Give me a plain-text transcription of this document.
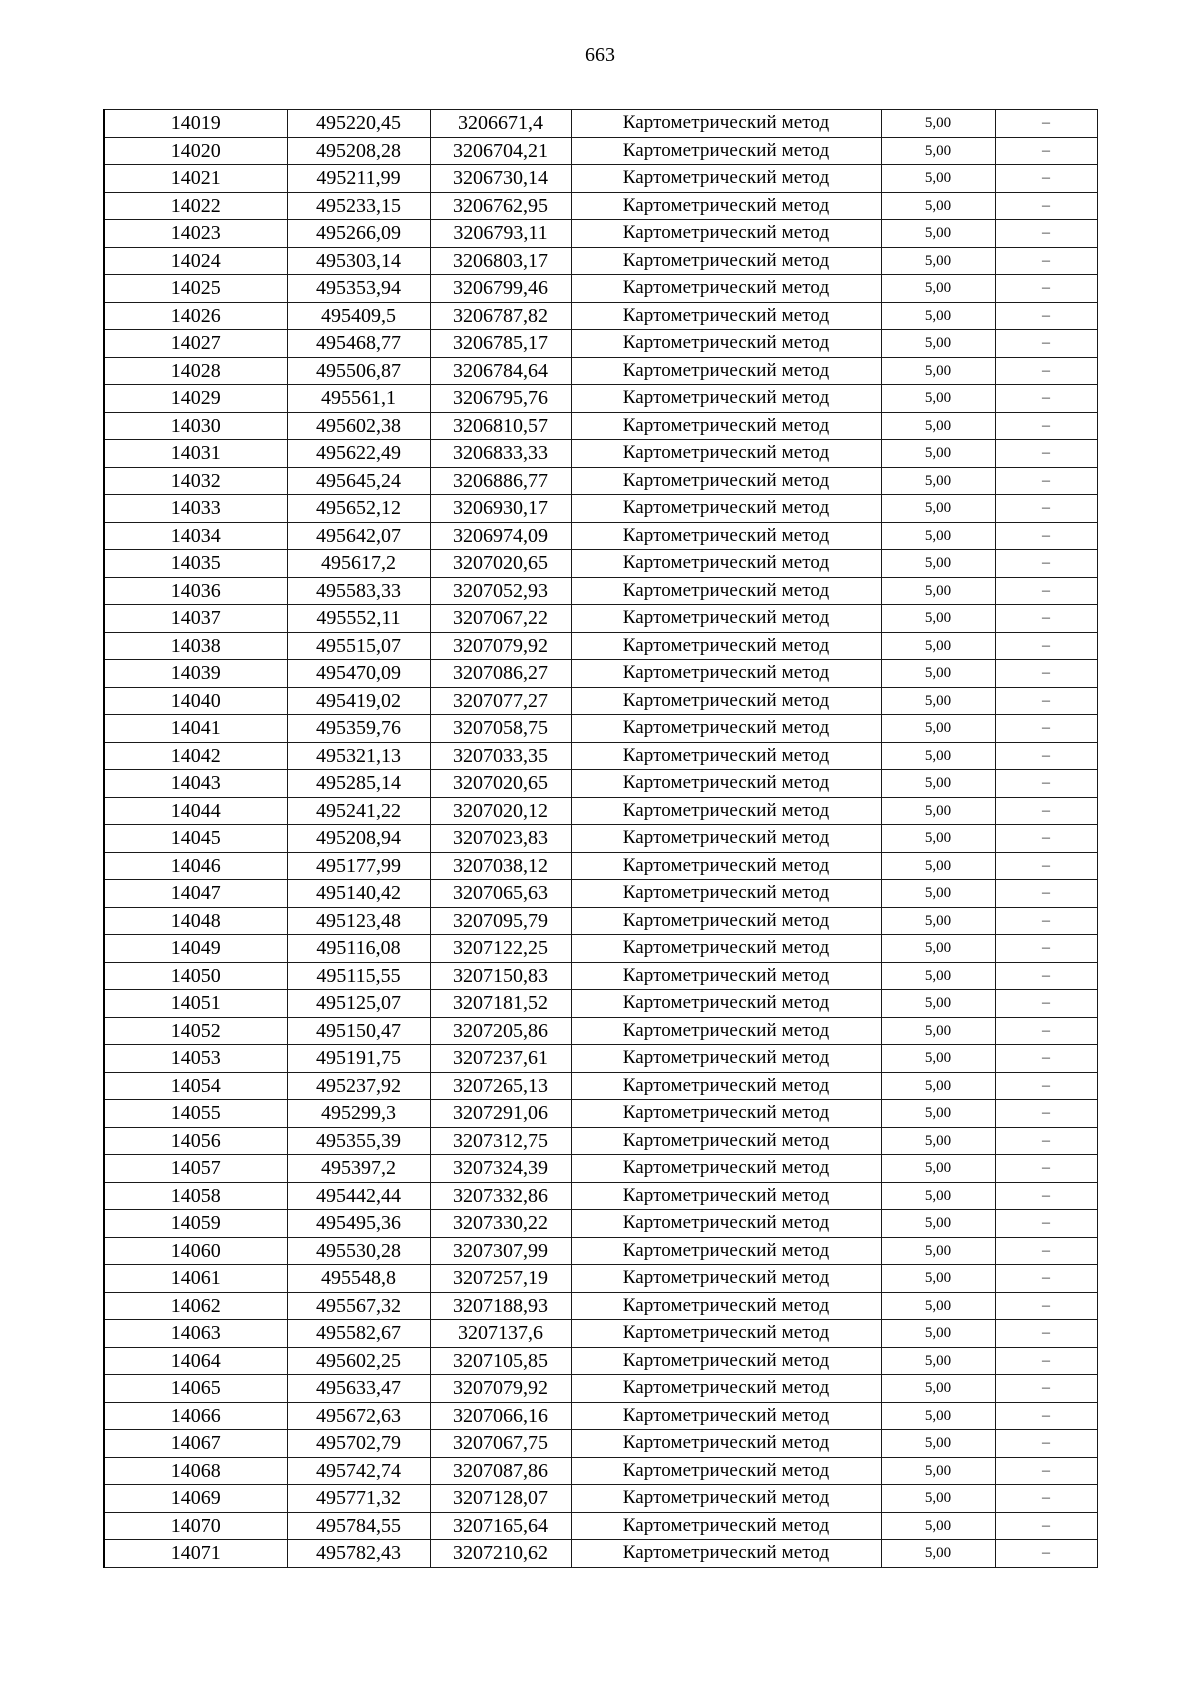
663
14019	495220,45	3206671,4	Картометрический метод	5,00	–
14020	495208,28	3206704,21	Картометрический метод	5,00	–
14021	495211,99	3206730,14	Картометрический метод	5,00	–
14022	495233,15	3206762,95	Картометрический метод	5,00	–
14023	495266,09	3206793,11	Картометрический метод	5,00	–
14024	495303,14	3206803,17	Картометрический метод	5,00	–
14025	495353,94	3206799,46	Картометрический метод	5,00	–
14026	495409,5	3206787,82	Картометрический метод	5,00	–
14027	495468,77	3206785,17	Картометрический метод	5,00	–
14028	495506,87	3206784,64	Картометрический метод	5,00	–
14029	495561,1	3206795,76	Картометрический метод	5,00	–
14030	495602,38	3206810,57	Картометрический метод	5,00	–
14031	495622,49	3206833,33	Картометрический метод	5,00	–
14032	495645,24	3206886,77	Картометрический метод	5,00	–
14033	495652,12	3206930,17	Картометрический метод	5,00	–
14034	495642,07	3206974,09	Картометрический метод	5,00	–
14035	495617,2	3207020,65	Картометрический метод	5,00	–
14036	495583,33	3207052,93	Картометрический метод	5,00	–
14037	495552,11	3207067,22	Картометрический метод	5,00	–
14038	495515,07	3207079,92	Картометрический метод	5,00	–
14039	495470,09	3207086,27	Картометрический метод	5,00	–
14040	495419,02	3207077,27	Картометрический метод	5,00	–
14041	495359,76	3207058,75	Картометрический метод	5,00	–
14042	495321,13	3207033,35	Картометрический метод	5,00	–
14043	495285,14	3207020,65	Картометрический метод	5,00	–
14044	495241,22	3207020,12	Картометрический метод	5,00	–
14045	495208,94	3207023,83	Картометрический метод	5,00	–
14046	495177,99	3207038,12	Картометрический метод	5,00	–
14047	495140,42	3207065,63	Картометрический метод	5,00	–
14048	495123,48	3207095,79	Картометрический метод	5,00	–
14049	495116,08	3207122,25	Картометрический метод	5,00	–
14050	495115,55	3207150,83	Картометрический метод	5,00	–
14051	495125,07	3207181,52	Картометрический метод	5,00	–
14052	495150,47	3207205,86	Картометрический метод	5,00	–
14053	495191,75	3207237,61	Картометрический метод	5,00	–
14054	495237,92	3207265,13	Картометрический метод	5,00	–
14055	495299,3	3207291,06	Картометрический метод	5,00	–
14056	495355,39	3207312,75	Картометрический метод	5,00	–
14057	495397,2	3207324,39	Картометрический метод	5,00	–
14058	495442,44	3207332,86	Картометрический метод	5,00	–
14059	495495,36	3207330,22	Картометрический метод	5,00	–
14060	495530,28	3207307,99	Картометрический метод	5,00	–
14061	495548,8	3207257,19	Картометрический метод	5,00	–
14062	495567,32	3207188,93	Картометрический метод	5,00	–
14063	495582,67	3207137,6	Картометрический метод	5,00	–
14064	495602,25	3207105,85	Картометрический метод	5,00	–
14065	495633,47	3207079,92	Картометрический метод	5,00	–
14066	495672,63	3207066,16	Картометрический метод	5,00	–
14067	495702,79	3207067,75	Картометрический метод	5,00	–
14068	495742,74	3207087,86	Картометрический метод	5,00	–
14069	495771,32	3207128,07	Картометрический метод	5,00	–
14070	495784,55	3207165,64	Картометрический метод	5,00	–
14071	495782,43	3207210,62	Картометрический метод	5,00	–
